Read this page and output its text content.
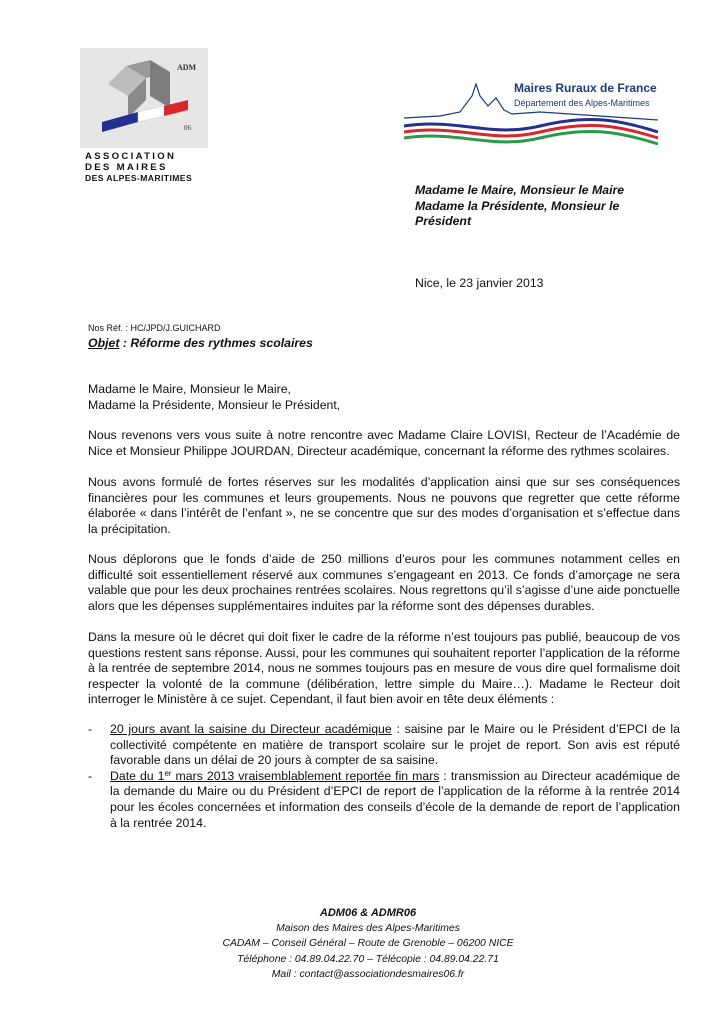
ADM
06
ASSOCIATION
DES MAIRES
DES ALPES-MARITIMES
Maires Ruraux de France
Département des Alpes-Maritimes
Madame le Maire, Monsieur le Maire
Madame la Présidente, Monsieur le
Président
Nice, le 23 janvier 2013
Nos Réf. : HC/JPD/J.GUICHARD
Objet : Réforme des rythmes scolaires
Madame le Maire, Monsieur le Maire,
Madame la Présidente, Monsieur le Président,
Nous revenons vers vous suite à notre rencontre avec Madame Claire LOVISI, Recteur de l’Académie de Nice et Monsieur Philippe JOURDAN, Directeur académique, concernant la réforme des rythmes scolaires.
Nous avons formulé de fortes réserves sur les modalités d’application ainsi que sur ses conséquences financières pour les communes et leurs groupements. Nous ne pouvons que regretter que cette réforme élaborée « dans l’intérêt de l’enfant », ne se concentre que sur des modes d’organisation et s’effectue dans la précipitation.
Nous déplorons que le fonds d’aide de 250 millions d’euros pour les communes notamment celles en difficulté soit essentiellement réservé aux communes s’engageant en 2013. Ce fonds d’amorçage ne sera valable que pour les deux prochaines rentrées scolaires. Nous regrettons qu’il s’agisse d’une aide ponctuelle alors que les dépenses supplémentaires induites par la réforme sont des dépenses durables.
Dans la mesure où le décret qui doit fixer le cadre de la réforme n’est toujours pas publié, beaucoup de vos questions restent sans réponse. Aussi, pour les communes qui souhaitent reporter l’application de la réforme à la rentrée de septembre 2014, nous ne sommes toujours pas en mesure de vous dire quel formalisme doit respecter la volonté de la commune (délibération, lettre simple du Maire…). Madame le Recteur doit interroger le Ministère à ce sujet. Cependant, il faut bien avoir en tête deux éléments :
- 20 jours avant la saisine du Directeur académique : saisine par le Maire ou le Président d’EPCI de la collectivité compétente en matière de transport scolaire sur le projet de report. Son avis est réputé favorable dans un délai de 20 jours à compter de sa saisine.
- Date du 1er mars 2013 vraisemblablement reportée fin mars : transmission au Directeur académique de la demande du Maire ou du Président d’EPCI de report de l’application de la réforme à la rentrée 2014 pour les écoles concernées et information des conseils d’école de la demande de report de l’application à la rentrée 2014.
ADM06 & ADMR06
Maison des Maires des Alpes-Maritimes
CADAM – Conseil Général – Route de Grenoble – 06200 NICE
Téléphone : 04.89.04.22.70 – Télécopie : 04.89.04.22.71
Mail : contact@associationdesmaires06.fr
